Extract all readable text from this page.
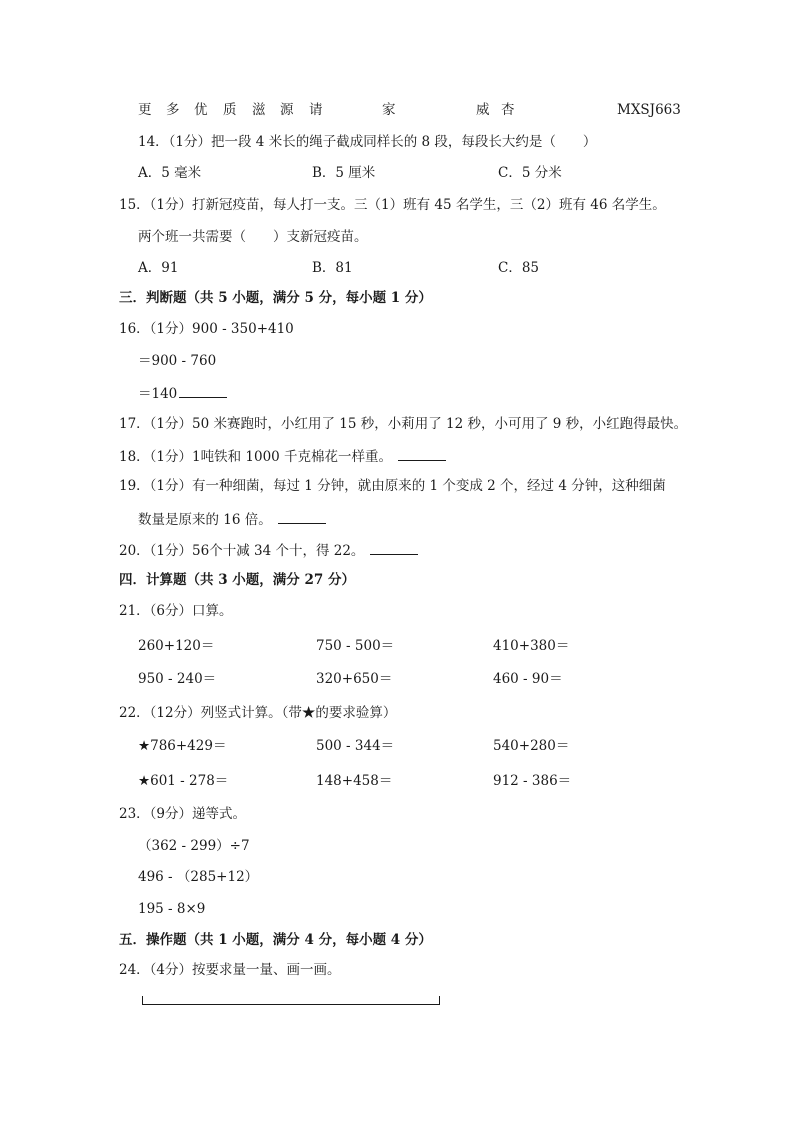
更 多 优 质 滋 源 请	家	威 杏	MXSJ663
14．（1分）把一段 4 米长的绳子截成同样长的 8 段，每段长大约是（　　）
A．5 毫米	B．5 厘米	C．5 分米
15．（1分）打新冠疫苗，每人打一支。三（1）班有 45 名学生，三（2）班有 46 名学生。
两个班一共需要（　　）支新冠疫苗。
A．91	B．81	C．85
三．判断题（共 5 小题，满分 5 分，每小题 1 分）
16．（1分）900 - 350+410
＝900 - 760
＝140
17．（1分）50 米赛跑时，小红用了 15 秒，小莉用了 12 秒，小可用了 9 秒，小红跑得最快。
18．（1分）1吨铁和 1000 千克棉花一样重。
19．（1分）有一种细菌，每过 1 分钟，就由原来的 1 个变成 2 个，经过 4 分钟，这种细菌
数量是原来的 16 倍。
20．（1分）56个十减 34 个十，得 22。
四．计算题（共 3 小题，满分 27 分）
21．（6分）口算。
260+120＝	750 - 500＝	410+380＝
950 - 240＝	320+650＝	460 - 90＝
22．（12分）列竖式计算。（带★的要求验算）
★786+429＝	500 - 344＝	540+280＝
★601 - 278＝	148+458＝	912 - 386＝
23．（9分）递等式。
（362 - 299）÷7
496 - （285+12）
195 - 8×9
五．操作题（共 1 小题，满分 4 分，每小题 4 分）
24．（4分）按要求量一量、画一画。
